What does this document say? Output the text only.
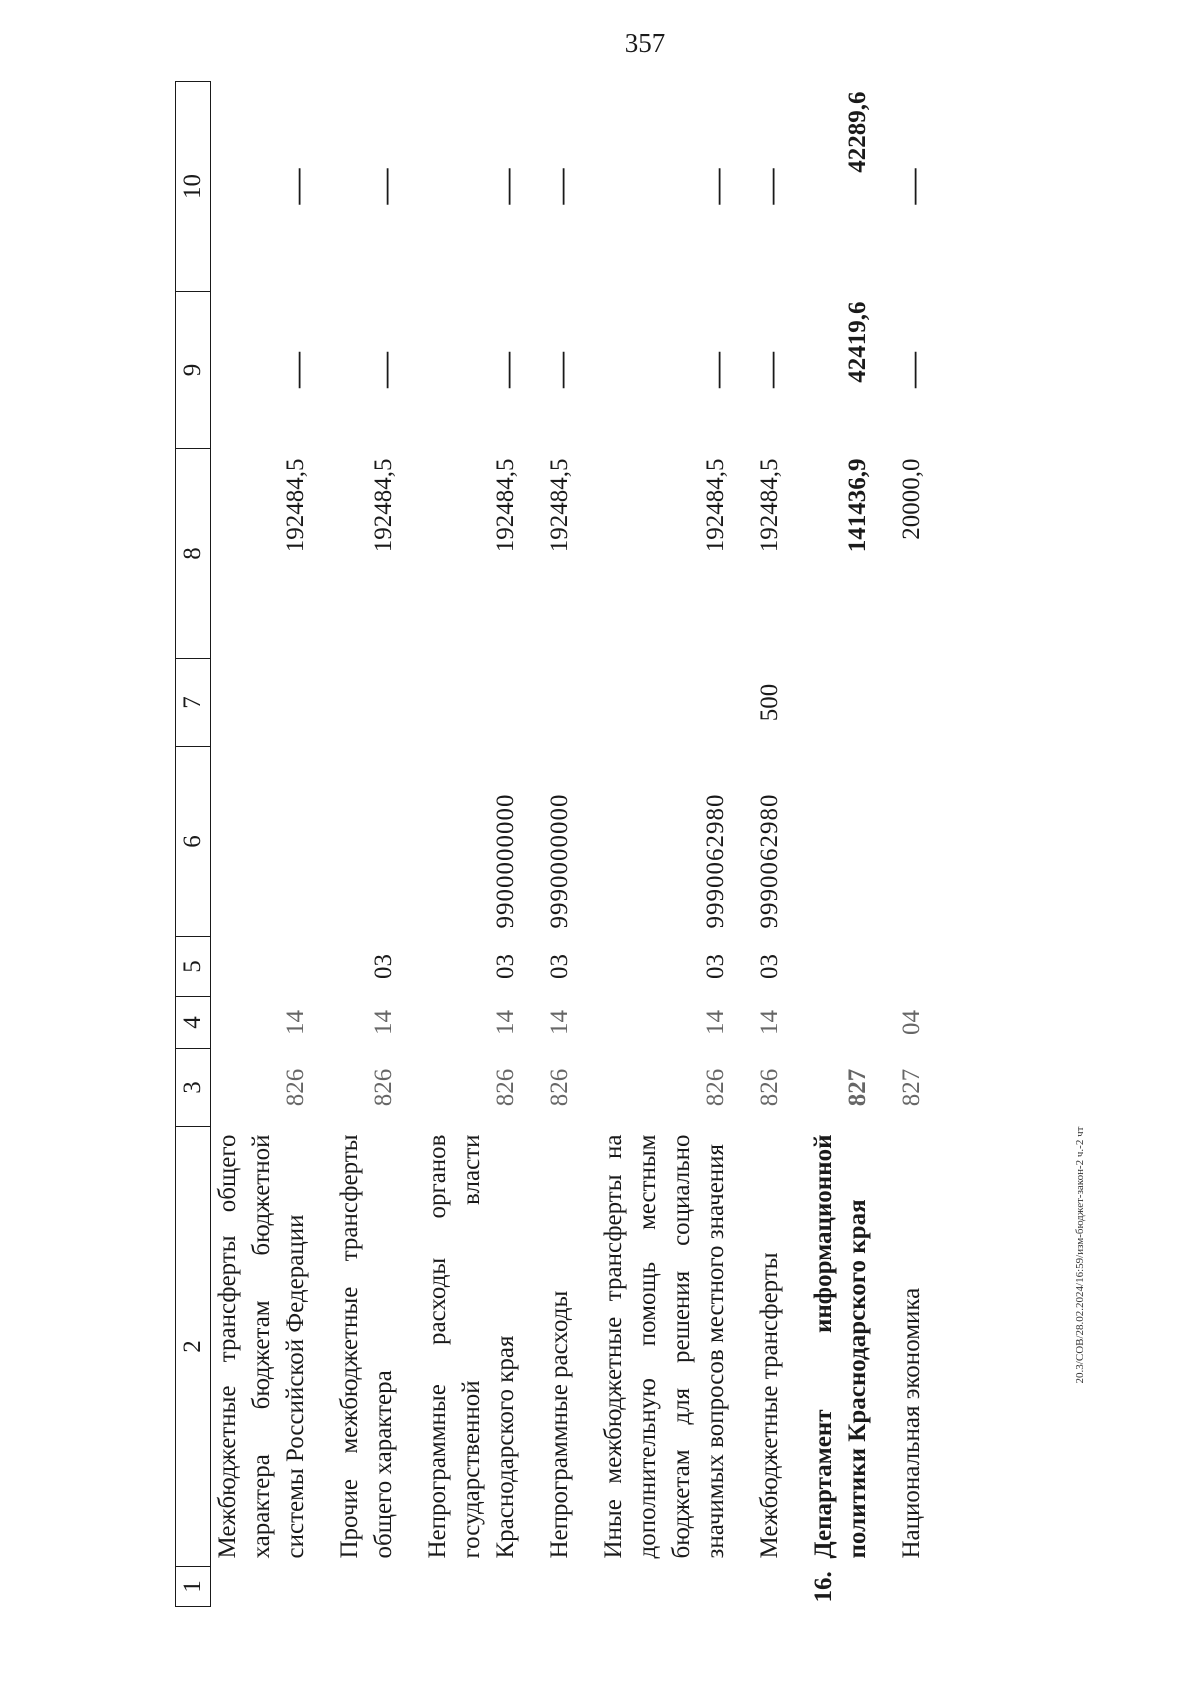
357
1	2	3	4	5	6	7	8	9	10
	Межбюджетные трансферты общего характера бюджетам бюджетной системы Российской Федерации	826	14				192484,5	—	—
	Прочие межбюджетные трансферты общего характера	826	14	03			192484,5	—	—
	Непрограммные расходы органов государственной власти Краснодарского края	826	14	03	9900000000		192484,5	—	—
	Непрограммные расходы	826	14	03	9990000000		192484,5	—	—
	Иные межбюджетные трансферты на дополнительную помощь местным бюджетам для решения социально значимых вопросов местного значения	826	14	03	9990062980		192484,5	—	—
	Межбюджетные трансферты	826	14	03	9990062980	500	192484,5	—	—
16.	Департамент информационной политики Краснодарского края	827					141436,9	42419,6	42289,6
	Национальная экономика	827	04				20000,0	—	—
20.3/СОВ/28.02.2024/16:59/изм-бюджет-закон-2 ч.-2 чт
